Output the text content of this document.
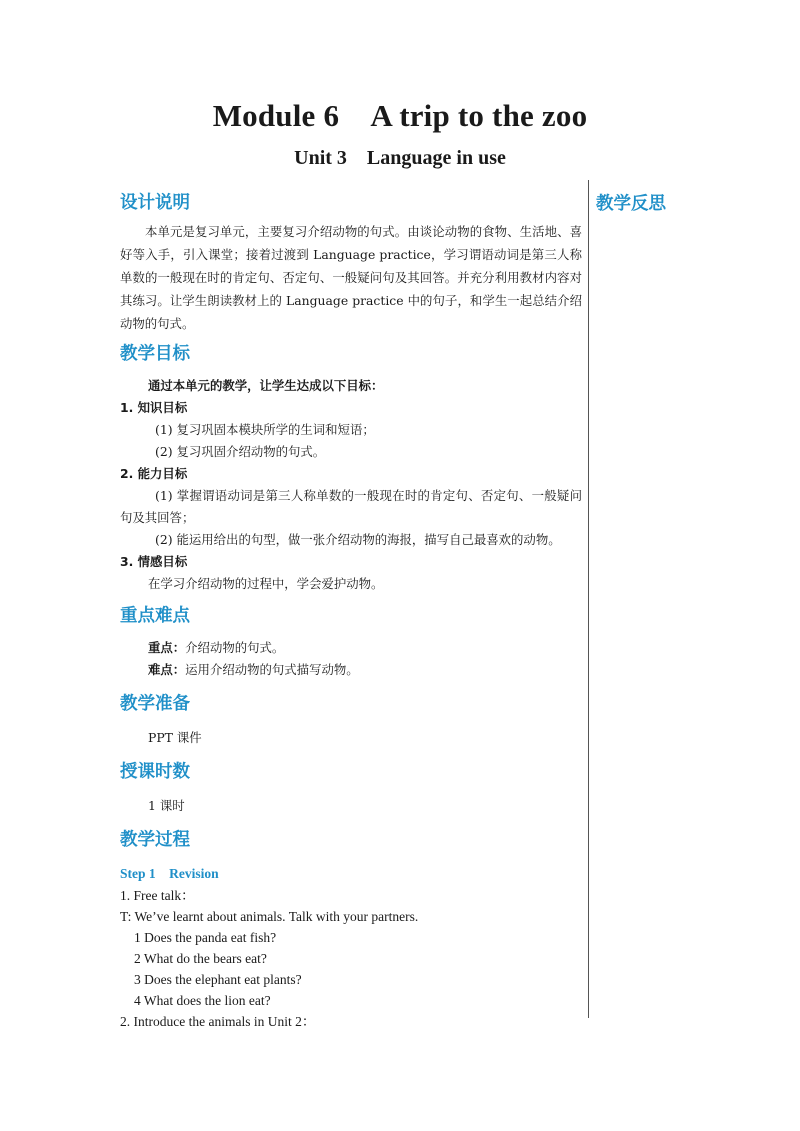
Module 6 A trip to the zoo
Unit 3 Language in use
教学反思
设计说明

本单元是复习单元，主要复习介绍动物的句式。由谈论动物的食物、生活地、喜好等入手，引入课堂；接着过渡到 Language practice，学习谓语动词是第三人称单数的一般现在时的肯定句、否定句、一般疑问句及其回答。并充分利用教材内容对其练习。让学生朗读教材上的 Language practice 中的句子，和学生一起总结介绍动物的句式。

教学目标
通过本单元的教学，让学生达成以下目标：
1. 知识目标
(1) 复习巩固本模块所学的生词和短语；
(2) 复习巩固介绍动物的句式。
2. 能力目标

(1) 掌握谓语动词是第三人称单数的一般现在时的肯定句、否定句、一般疑问句及其回答；

(2) 能运用给出的句型，做一张介绍动物的海报，描写自己最喜欢的动物。

3. 情感目标
在学习介绍动物的过程中，学会爱护动物。
重点难点
重点：介绍动物的句式。
难点：运用介绍动物的句式描写动物。
教学准备
PPT 课件
授课时数
1 课时
教学过程
Step 1 Revision
1. Free talk：
T: We’ve learnt about animals. Talk with your partners.
1 Does the panda eat fish?
2 What do the bears eat?
3 Does the elephant eat plants?
4 What does the lion eat?
2. Introduce the animals in Unit 2：
